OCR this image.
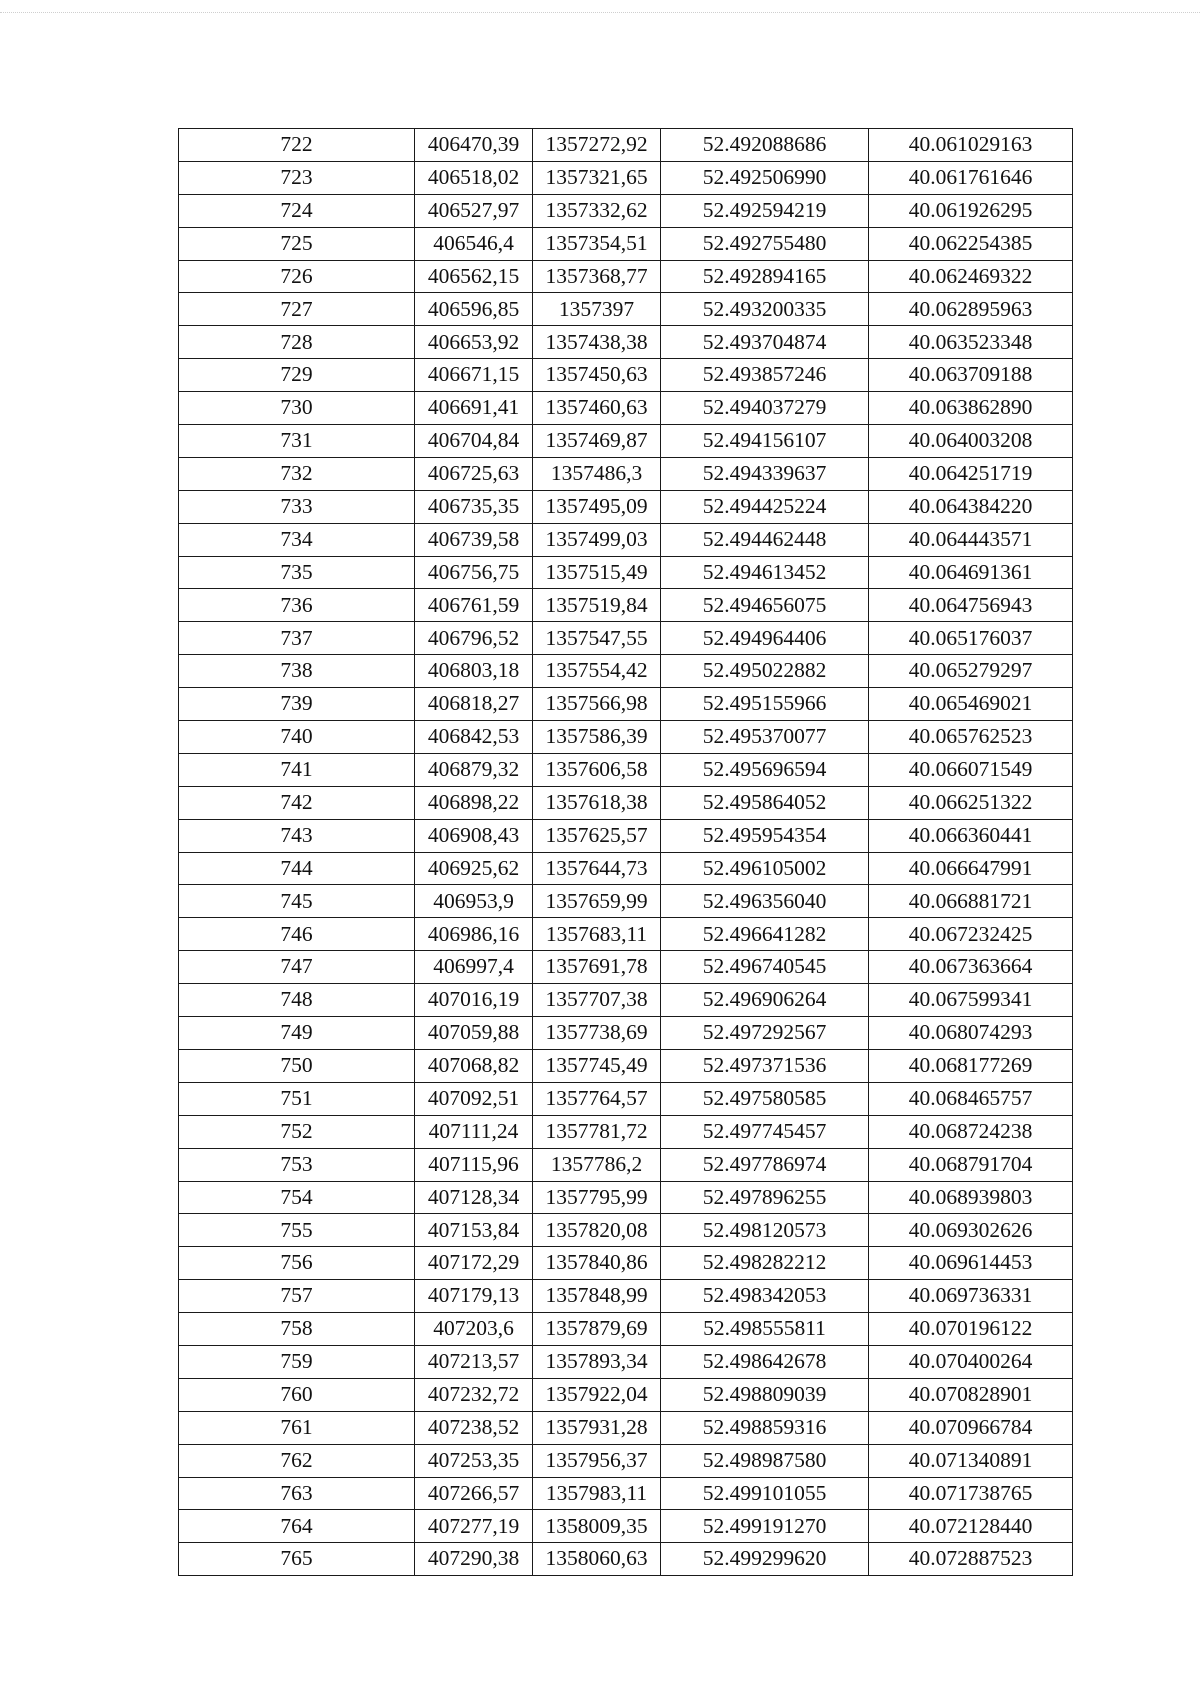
722	406470,39	1357272,92	52.492088686	40.061029163
723	406518,02	1357321,65	52.492506990	40.061761646
724	406527,97	1357332,62	52.492594219	40.061926295
725	406546,4	1357354,51	52.492755480	40.062254385
726	406562,15	1357368,77	52.492894165	40.062469322
727	406596,85	1357397	52.493200335	40.062895963
728	406653,92	1357438,38	52.493704874	40.063523348
729	406671,15	1357450,63	52.493857246	40.063709188
730	406691,41	1357460,63	52.494037279	40.063862890
731	406704,84	1357469,87	52.494156107	40.064003208
732	406725,63	1357486,3	52.494339637	40.064251719
733	406735,35	1357495,09	52.494425224	40.064384220
734	406739,58	1357499,03	52.494462448	40.064443571
735	406756,75	1357515,49	52.494613452	40.064691361
736	406761,59	1357519,84	52.494656075	40.064756943
737	406796,52	1357547,55	52.494964406	40.065176037
738	406803,18	1357554,42	52.495022882	40.065279297
739	406818,27	1357566,98	52.495155966	40.065469021
740	406842,53	1357586,39	52.495370077	40.065762523
741	406879,32	1357606,58	52.495696594	40.066071549
742	406898,22	1357618,38	52.495864052	40.066251322
743	406908,43	1357625,57	52.495954354	40.066360441
744	406925,62	1357644,73	52.496105002	40.066647991
745	406953,9	1357659,99	52.496356040	40.066881721
746	406986,16	1357683,11	52.496641282	40.067232425
747	406997,4	1357691,78	52.496740545	40.067363664
748	407016,19	1357707,38	52.496906264	40.067599341
749	407059,88	1357738,69	52.497292567	40.068074293
750	407068,82	1357745,49	52.497371536	40.068177269
751	407092,51	1357764,57	52.497580585	40.068465757
752	407111,24	1357781,72	52.497745457	40.068724238
753	407115,96	1357786,2	52.497786974	40.068791704
754	407128,34	1357795,99	52.497896255	40.068939803
755	407153,84	1357820,08	52.498120573	40.069302626
756	407172,29	1357840,86	52.498282212	40.069614453
757	407179,13	1357848,99	52.498342053	40.069736331
758	407203,6	1357879,69	52.498555811	40.070196122
759	407213,57	1357893,34	52.498642678	40.070400264
760	407232,72	1357922,04	52.498809039	40.070828901
761	407238,52	1357931,28	52.498859316	40.070966784
762	407253,35	1357956,37	52.498987580	40.071340891
763	407266,57	1357983,11	52.499101055	40.071738765
764	407277,19	1358009,35	52.499191270	40.072128440
765	407290,38	1358060,63	52.499299620	40.072887523
